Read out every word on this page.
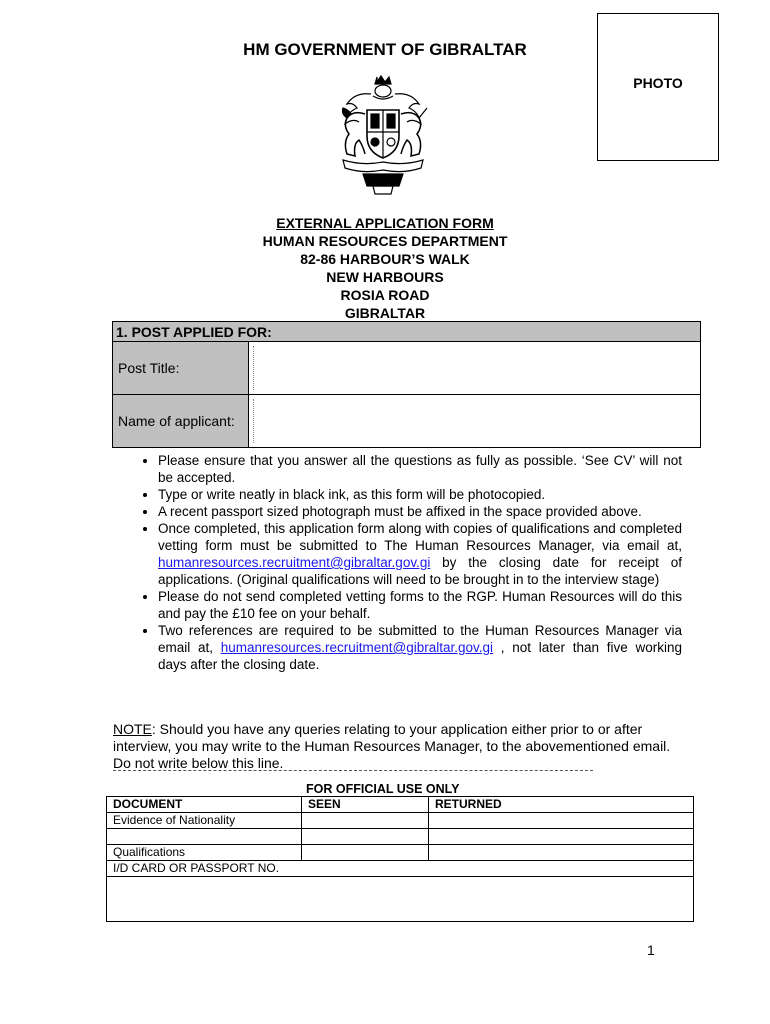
HM GOVERNMENT OF GIBRALTAR
PHOTO
EXTERNAL APPLICATION FORM
HUMAN RESOURCES DEPARTMENT
82-86 HARBOUR’S WALK
NEW HARBOURS
ROSIA ROAD
GIBRALTAR
1. POST APPLIED FOR:	
Post Title:	

Name of applicant:	
• Please ensure that you answer all the questions as fully as possible. ‘See CV’ will not be accepted.
• Type or write neatly in black ink, as this form will be photocopied.
• A recent passport sized photograph must be affixed in the space provided above.
• Once completed, this application form along with copies of qualifications and completed vetting form must be submitted to The Human Resources Manager, via email at, humanresources.recruitment@gibraltar.gov.gi by the closing date for receipt of applications. (Original qualifications will need to be brought in to the interview stage)
• Please do not send completed vetting forms to the RGP. Human Resources will do this and pay the £10 fee on your behalf.
• Two references are required to be submitted to the Human Resources Manager via email at, humanresources.recruitment@gibraltar.gov.gi , not later than five working days after the closing date.
NOTE: Should you have any queries relating to your application either prior to or after interview, you may write to the Human Resources Manager, to the abovementioned email. Do not write below this line.
FOR OFFICIAL USE ONLY
DOCUMENT	SEEN	RETURNED
Evidence of Nationality		

Qualifications		
I/D CARD OR PASSPORT NO.		

1
